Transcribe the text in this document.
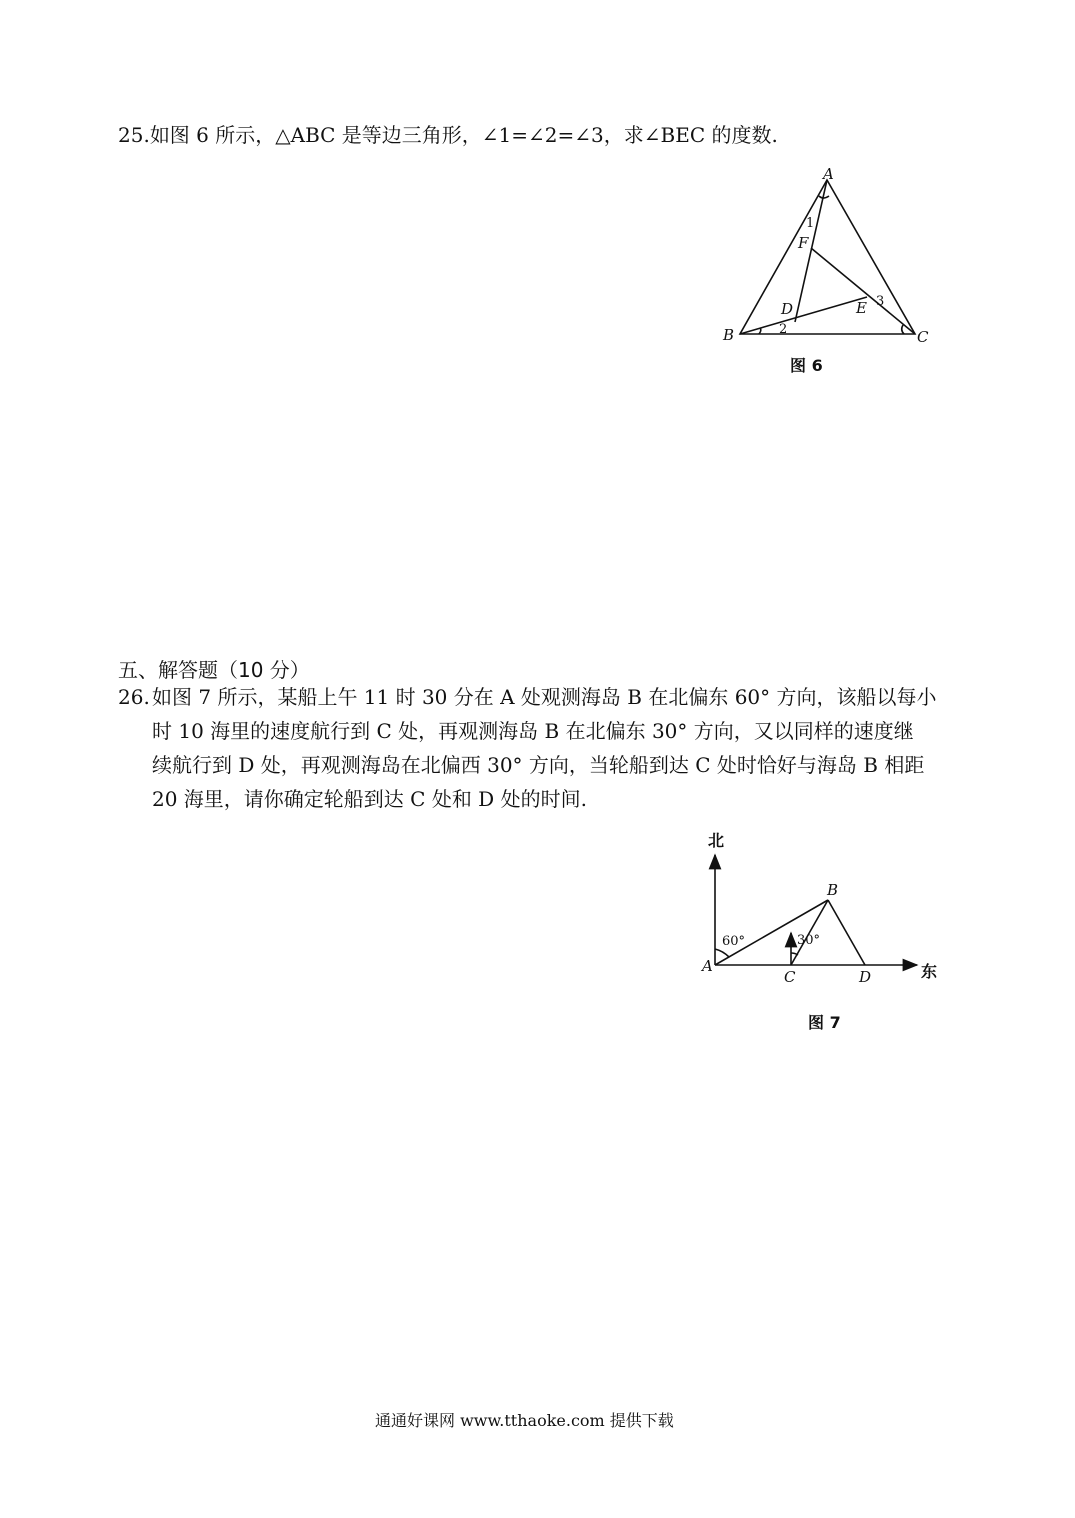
25.如图 6 所示，△ABC 是等边三角形，∠1=∠2=∠3，求∠BEC 的度数.
A
B	C
D	E
F
1
2
3
图 6
五、解答题（10 分）
26. 如图 7 所示，某船上午 11 时 30 分在 A 处观测海岛 B 在北偏东 60° 方向，该船以每小
时 10 海里的速度航行到 C 处，再观测海岛 B 在北偏东 30° 方向，又以同样的速度继
续航行到 D 处，再观测海岛在北偏西 30° 方向，当轮船到达 C 处时恰好与海岛 B 相距
20 海里，请你确定轮船到达 C 处和 D 处的时间.
北
东
A
B
C	D
60°	30°
图 7
通通好课网 www.tthaoke.com 提供下载
